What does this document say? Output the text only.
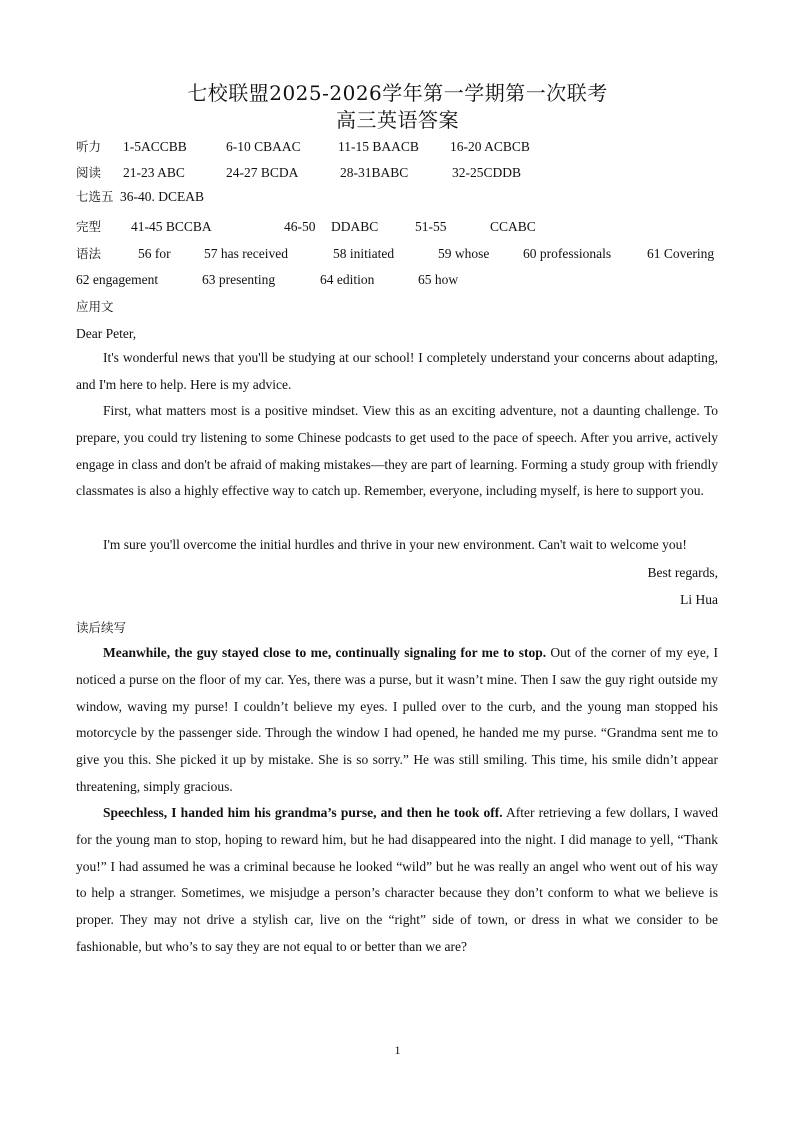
七校联盟2025-2026学年第一学期第一次联考
高三英语答案
听力 1-5ACCBB	6-10 CBAAC	11-15 BAACB 16-20 ACBCB
阅读 21-23 ABC	24-27 BCDA	28-31BABC	32-25CDDB
七选五 36-40. DCEAB
完型 41-45 BCCBA	46-50 DDABC	51-55	CCABC
语法	56 for 57 has received	58 initiated	59 whose 60 professionals	61 Covering
62 engagement	63 presenting	64 edition	65 how
应用文
Dear Peter,
It's wonderful news that you'll be studying at our school! I completely understand your concerns about adapting, and I'm here to help. Here is my advice.
First, what matters most is a positive mindset. View this as an exciting adventure, not a daunting challenge. To prepare, you could try listening to some Chinese podcasts to get used to the pace of speech. After you arrive, actively engage in class and don't be afraid of making mistakes—they are part of learning. Forming a study group with friendly classmates is also a highly effective way to catch up. Remember, everyone, including myself, is here to support you.
I'm sure you'll overcome the initial hurdles and thrive in your new environment. Can't wait to welcome you!
Best regards,
Li Hua
读后续写
Meanwhile, the guy stayed close to me, continually signaling for me to stop. Out of the corner of my eye, I noticed a purse on the floor of my car. Yes, there was a purse, but it wasn’t mine. Then I saw the guy right outside my window, waving my purse! I couldn’t believe my eyes. I pulled over to the curb, and the young man stopped his motorcycle by the passenger side. Through the window I had opened, he handed me my purse. “Grandma sent me to give you this. She picked it up by mistake. She is so sorry.” He was still smiling. This time, his smile didn’t appear threatening, simply gracious.
Speechless, I handed him his grandma’s purse, and then he took off. After retrieving a few dollars, I waved for the young man to stop, hoping to reward him, but he had disappeared into the night. I did manage to yell, “Thank you!” I had assumed he was a criminal because he looked “wild” but he was really an angel who went out of his way to help a stranger. Sometimes, we misjudge a person’s character because they don’t conform to what we believe is proper. They may not drive a stylish car, live on the “right” side of town, or dress in what we consider to be fashionable, but who’s to say they are not equal to or better than we are?
1
